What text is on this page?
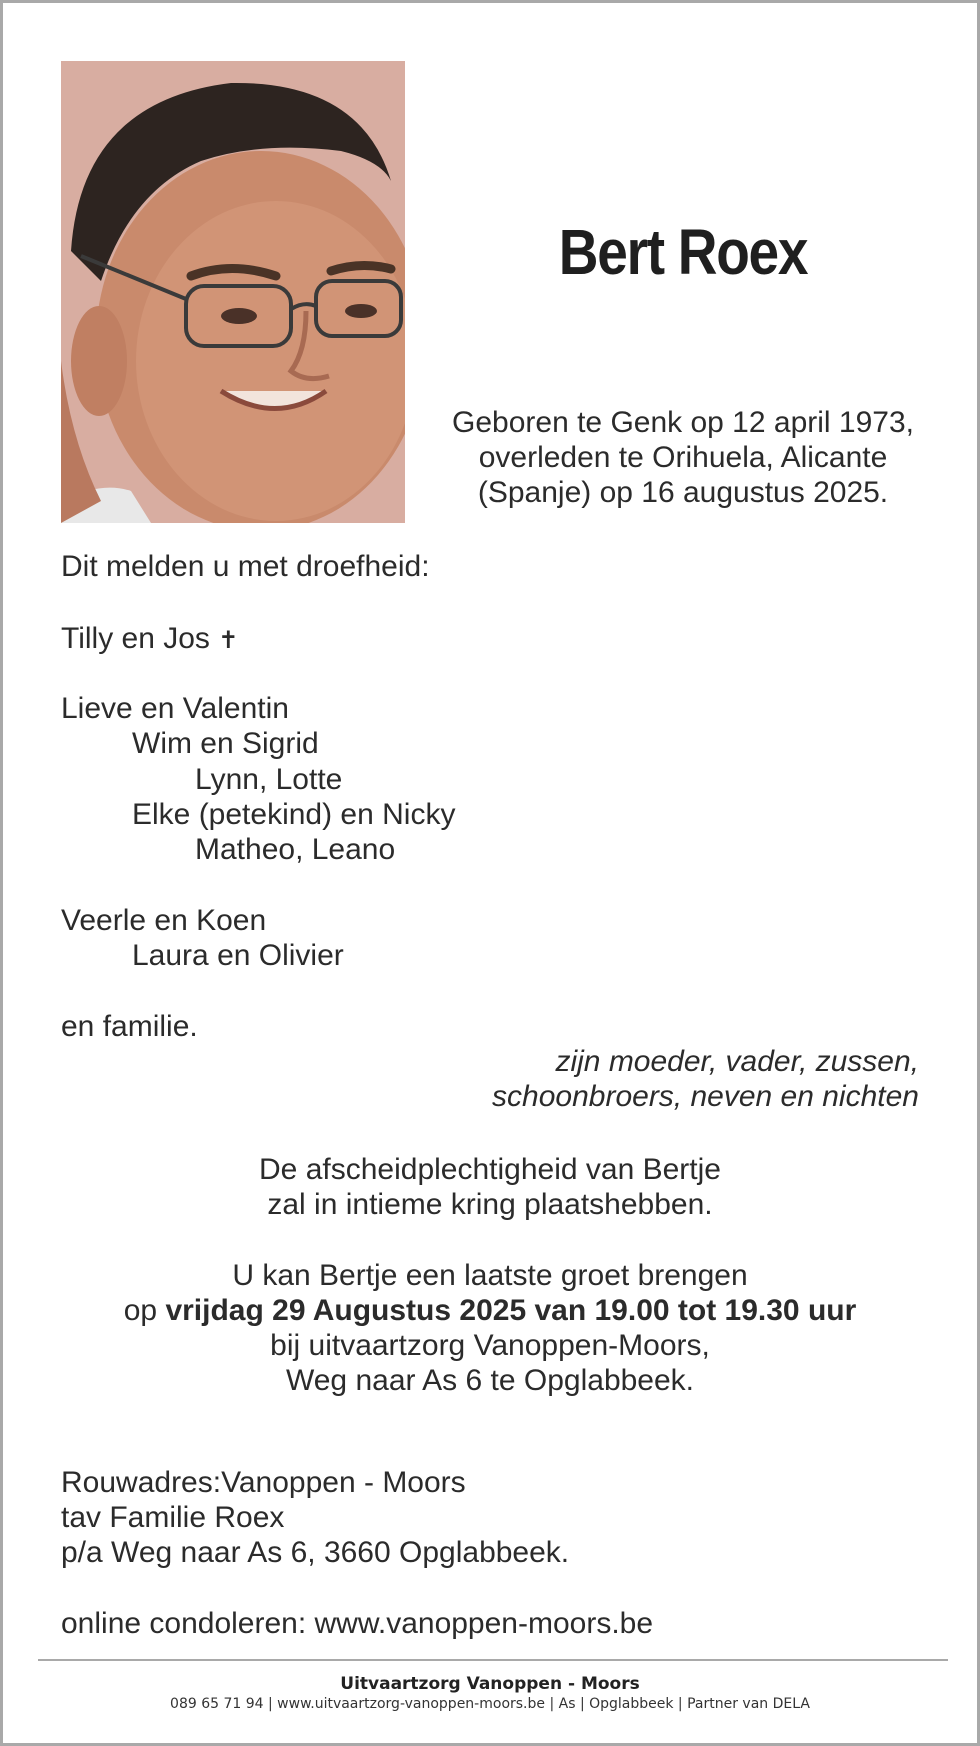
Bert Roex
Geboren te Genk op 12 april 1973,
overleden te Orihuela, Alicante
(Spanje) op 16 augustus 2025.
Dit melden u met droefheid:
Tilly en Jos ✝
Lieve en Valentin
Wim en Sigrid
Lynn, Lotte
Elke (petekind) en Nicky
Matheo, Leano
Veerle en Koen
Laura en Olivier
en familie.
zijn moeder, vader, zussen,
schoonbroers, neven en nichten
De afscheidplechtigheid van Bertje
zal in intieme kring plaatshebben.
U kan Bertje een laatste groet brengen
op vrijdag 29 Augustus 2025 van 19.00 tot 19.30 uur
bij uitvaartzorg Vanoppen-Moors,
Weg naar As 6 te Opglabbeek.
Rouwadres:Vanoppen - Moors
tav Familie Roex
p/a Weg naar As 6, 3660 Opglabbeek.
online condoleren: www.vanoppen-moors.be
Uitvaartzorg Vanoppen - Moors
089 65 71 94 | www.uitvaartzorg-vanoppen-moors.be | As | Opglabbeek | Partner van DELA
